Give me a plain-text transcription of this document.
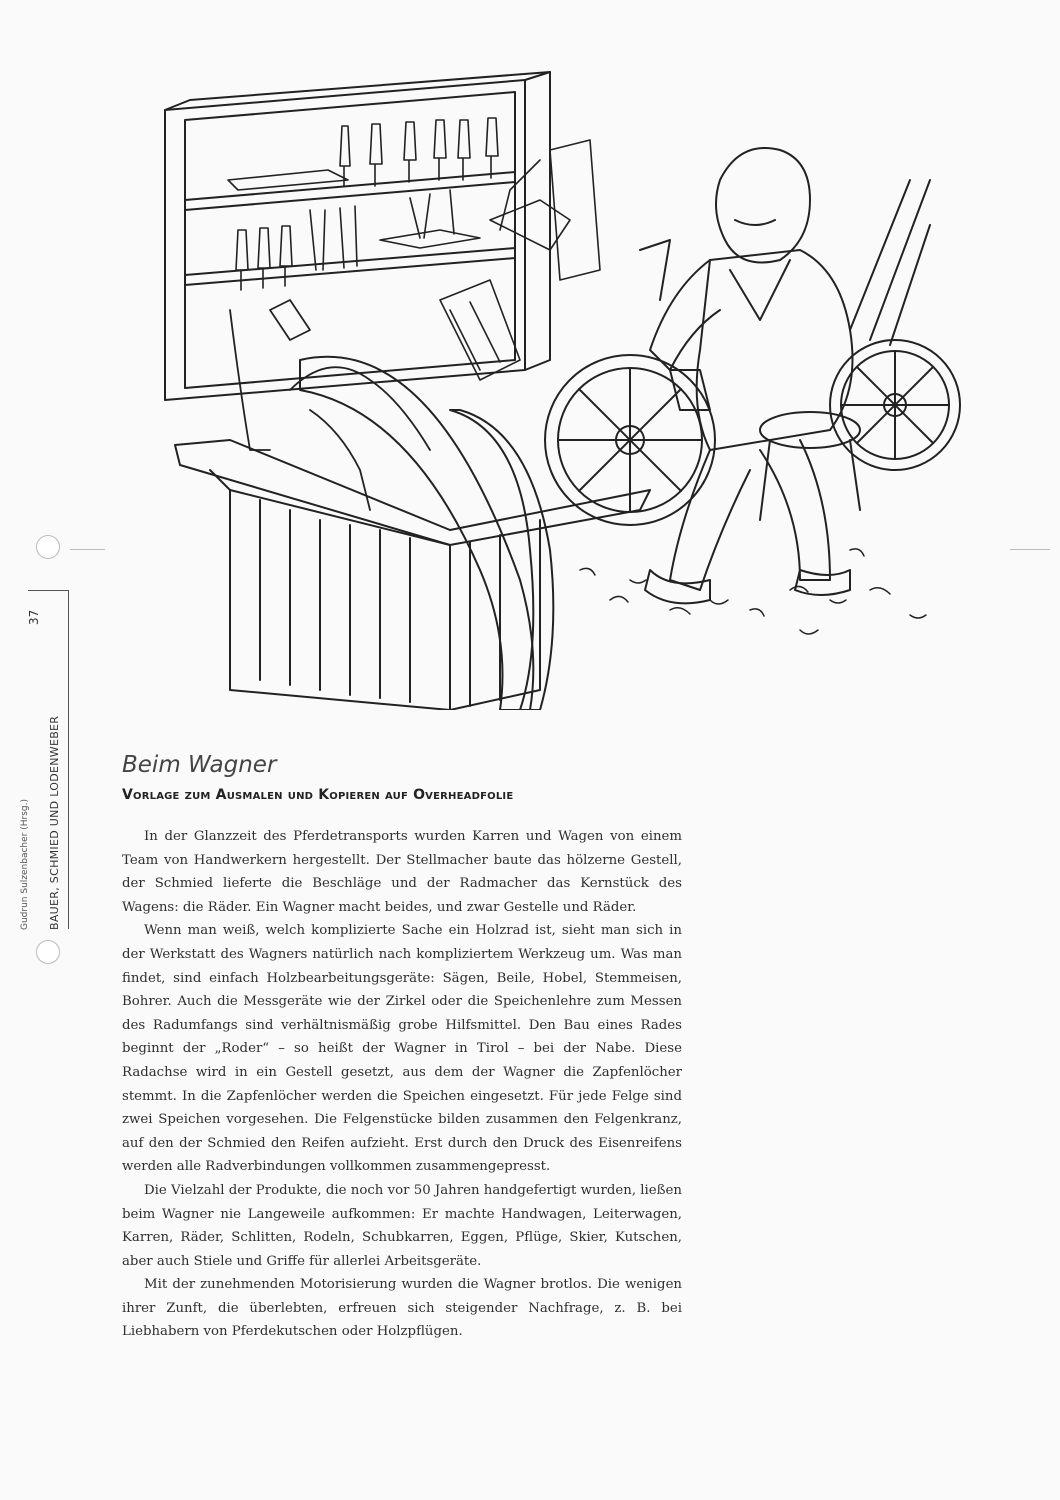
37
Gudrun Sulzenbacher (Hrsg.) BAUER, SCHMIED UND LODENWEBER	Beim Wagner
Vorlage zum Ausmalen und Kopieren auf Overheadfolie

In der Glanzzeit des Pferdetransports wurden Karren und Wagen von einem Team von Handwerkern hergestellt. Der Stellmacher baute das hölzerne Gestell, der Schmied lieferte die Beschläge und der Radmacher das Kernstück des Wagens: die Räder. Ein Wagner macht beides, und zwar Gestelle und Räder.

Wenn man weiß, welch komplizierte Sache ein Holzrad ist, sieht man sich in der Werkstatt des Wagners natürlich nach kompliziertem Werkzeug um. Was man findet, sind einfach Holzbearbeitungsgeräte: Sägen, Beile, Hobel, Stemmeisen, Bohrer. Auch die Messgeräte wie der Zirkel oder die Speichenlehre zum Messen des Radumfangs sind verhältnismäßig grobe Hilfsmittel. Den Bau eines Rades beginnt der „Roder“ – so heißt der Wagner in Tirol – bei der Nabe. Diese Radachse wird in ein Gestell gesetzt, aus dem der Wagner die Zapfenlöcher stemmt. In die Zapfenlöcher werden die Speichen eingesetzt. Für jede Felge sind zwei Speichen vorgesehen. Die Felgenstücke bilden zusammen den Felgenkranz, auf den der Schmied den Reifen aufzieht. Erst durch den Druck des Eisenreifens werden alle Radverbindungen vollkommen zusammengepresst.

Die Vielzahl der Produkte, die noch vor 50 Jahren handgefertigt wurden, ließen beim Wagner nie Langeweile aufkommen: Er machte Handwagen, Leiterwagen, Karren, Räder, Schlitten, Rodeln, Schubkarren, Eggen, Pflüge, Skier, Kutschen, aber auch Stiele und Griffe für allerlei Arbeitsgeräte.

Mit der zunehmenden Motorisierung wurden die Wagner brotlos. Die wenigen ihrer Zunft, die überlebten, erfreuen sich steigender Nachfrage, z. B. bei Liebhabern von Pferdekutschen oder Holzpflügen.
